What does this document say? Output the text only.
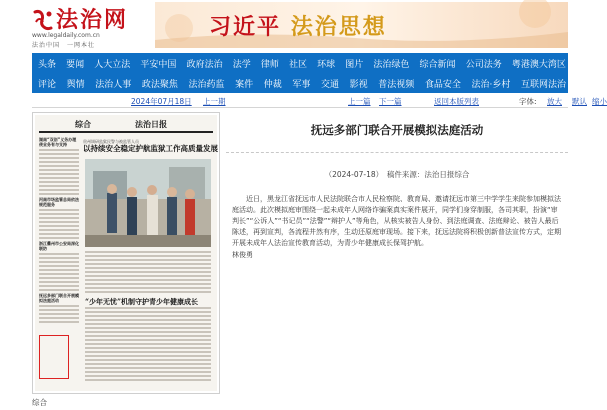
法治网
www.legaldaily.com.cn
法治中国　一网本壮
习近平 法治思想
头条 要闻 人大立法 平安中国 政府法治 法学 律师 社区 环球 图片 法治绿色 综合新闻 公司法务 粤港澳大湾区
评论 舆情 法治人事 政法聚焦 法治药监 案件 仲裁 军事 交通 影视 普法视频 食品安全 法治·乡村 互联网法治
2024年07月18日 上一期	上一篇 下一篇	返回本版列表	字体: 放大 默认 缩小
综合	法治日报
湖南“双创”义务办理使业务有与支持
河南市场监管总局依法规范服务
浙江衢州市公安局深化联防
抚远多部门联合开展模拟法庭活动
贵州调研监狱民警与被监管人员
以持续安全稳定护航监狱工作高质量发展
“少年无忧”机制守护青少年健康成长
抚远多部门联合开展模拟法庭活动
（2024-07-18）　稿件来源：法治日报综合
近日，黑龙江省抚远市人民法院联合市人民检察院、教育局、邀请抚远市第三中学学生来院参加模拟法庭活动。此次模拟庭审围绕一起未成年人网络诈骗案真实案件展开，同学们身穿制服，各司其职，扮演“审判长”“公诉人”“书记员”“法警”“辩护人”等角色，从核实被告人身份、到法庭调查、法庭辩论、被告人最后陈述，再到宣判，各流程井然有序，生动还原庭审现场。接下来，抚远法院将积极创新普法宣传方式，定期开展未成年人法治宣传教育活动，为青少年健康成长保驾护航。
林俊勇
综合
